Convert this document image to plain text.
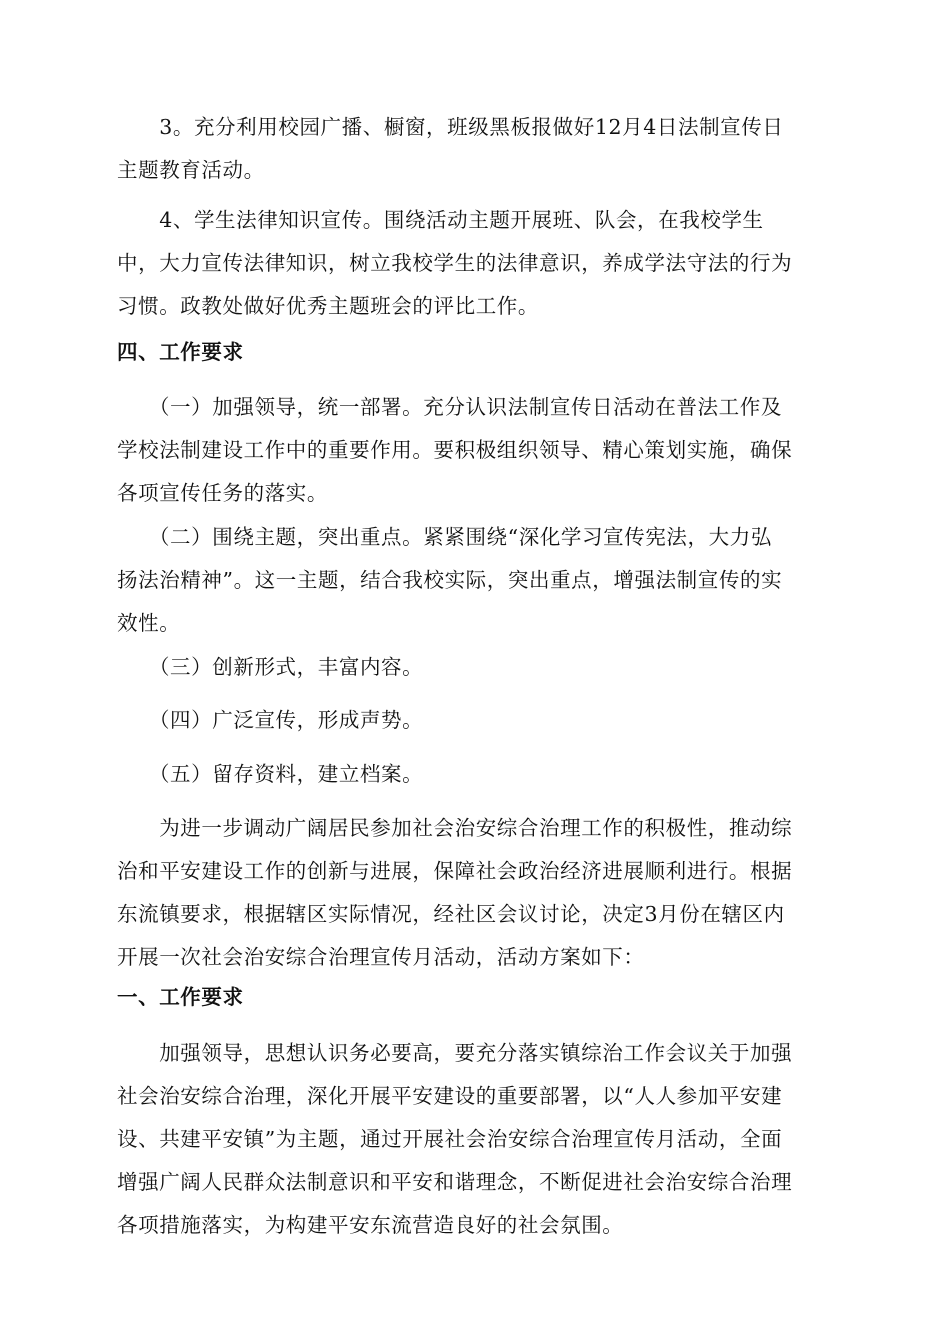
　　3。充分利用校园广播、橱窗，班级黑板报做好12月4日法制宣传日
主题教育活动。

　　4、学生法律知识宣传。围绕活动主题开展班、队会，在我校学生
中，大力宣传法律知识，树立我校学生的法律意识，养成学法守法的行为
习惯。政教处做好优秀主题班会的评比工作。

四、工作要求

　　（一）加强领导，统一部署。充分认识法制宣传日活动在普法工作及
学校法制建设工作中的重要作用。要积极组织领导、精心策划实施，确保
各项宣传任务的落实。

　　（二）围绕主题，突出重点。紧紧围绕“深化学习宣传宪法，大力弘
扬法治精神”。这一主题，结合我校实际，突出重点，增强法制宣传的实
效性。

　　（三）创新形式，丰富内容。

　　（四）广泛宣传，形成声势。

　　（五）留存资料，建立档案。

　　为进一步调动广阔居民参加社会治安综合治理工作的积极性，推动综
治和平安建设工作的创新与进展，保障社会政治经济进展顺利进行。根据
东流镇要求，根据辖区实际情况，经社区会议讨论，决定3月份在辖区内
开展一次社会治安综合治理宣传月活动，活动方案如下：

一、工作要求

　　加强领导，思想认识务必要高，要充分落实镇综治工作会议关于加强
社会治安综合治理，深化开展平安建设的重要部署，以“人人参加平安建
设、共建平安镇”为主题，通过开展社会治安综合治理宣传月活动，全面
增强广阔人民群众法制意识和平安和谐理念，不断促进社会治安综合治理
各项措施落实，为构建平安东流营造良好的社会氛围。
